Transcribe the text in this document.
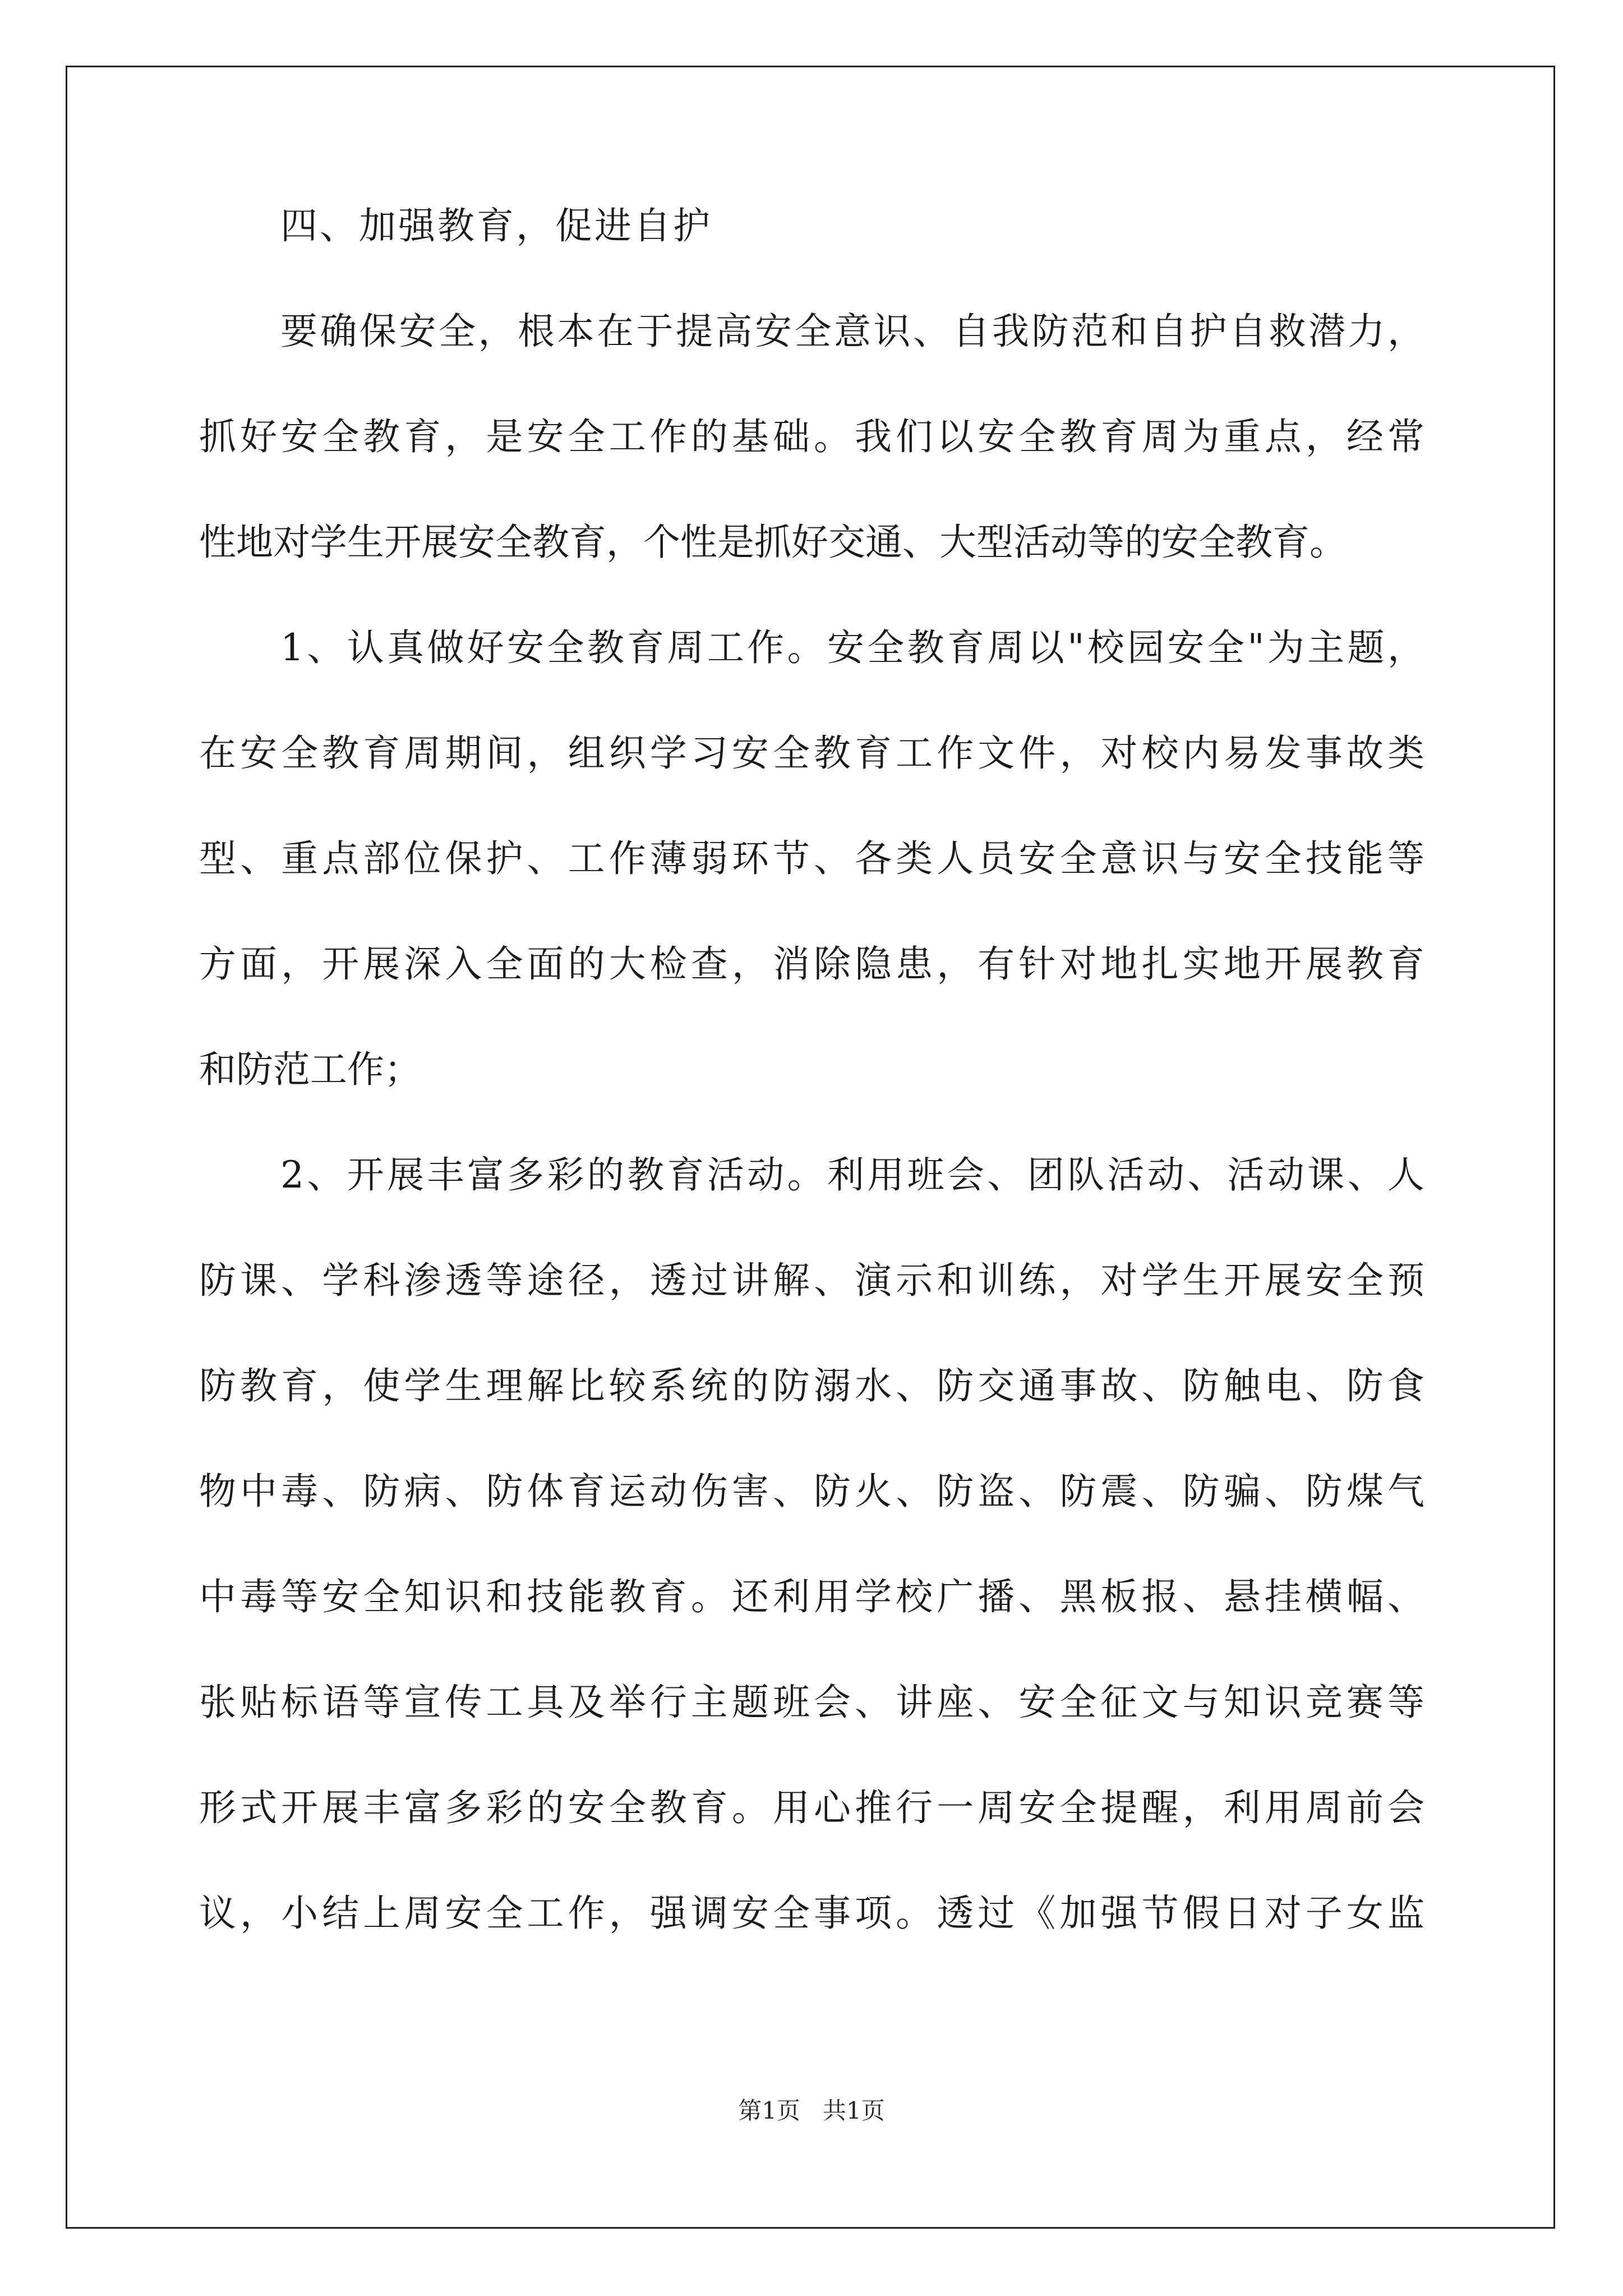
四、加强教育，促进自护
要确保安全，根本在于提高安全意识、自我防范和自护自救潜力，
抓好安全教育，是安全工作的基础。我们以安全教育周为重点，经常
性地对学生开展安全教育，个性是抓好交通、大型活动等的安全教育。
1、认真做好安全教育周工作。安全教育周以"校园安全"为主题，
在安全教育周期间，组织学习安全教育工作文件，对校内易发事故类
型、重点部位保护、工作薄弱环节、各类人员安全意识与安全技能等
方面，开展深入全面的大检查，消除隐患，有针对地扎实地开展教育
和防范工作；
2、开展丰富多彩的教育活动。利用班会、团队活动、活动课、人
防课、学科渗透等途径，透过讲解、演示和训练，对学生开展安全预
防教育，使学生理解比较系统的防溺水、防交通事故、防触电、防食
物中毒、防病、防体育运动伤害、防火、防盗、防震、防骗、防煤气
中毒等安全知识和技能教育。还利用学校广播、黑板报、悬挂横幅、
张贴标语等宣传工具及举行主题班会、讲座、安全征文与知识竞赛等
形式开展丰富多彩的安全教育。用心推行一周安全提醒，利用周前会
议，小结上周安全工作，强调安全事项。透过《加强节假日对子女监
第1页   共1页
